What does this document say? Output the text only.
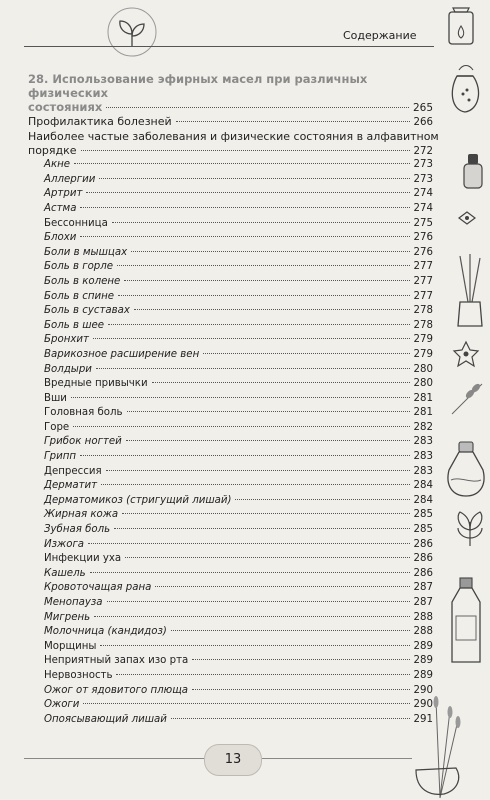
Содержание
28. Использование эфирных масел при различных физических
состояниях	265
Профилактика болезней	266
Наиболее частые заболевания и физические состояния в алфавитном
порядке	272
Акне	273
Аллергии	273
Артрит	274
Астма	274
Бессонница	275
Блохи	276
Боли в мышцах	276
Боль в горле	277
Боль в колене	277
Боль в спине	277
Боль в суставах	278
Боль в шее	278
Бронхит	279
Варикозное расширение вен	279
Волдыри	280
Вредные привычки	280
Вши	281
Головная боль	281
Горе	282
Грибок ногтей	283
Грипп	283
Депрессия	283
Дерматит	284
Дерматомикоз (стригущий лишай)	284
Жирная кожа	285
Зубная боль	285
Изжога	286
Инфекции уха	286
Кашель	286
Кровоточащая рана	287
Менопауза	287
Мигрень	288
Молочница (кандидоз)	288
Морщины	289
Неприятный запах изо рта	289
Нервозность	289
Ожог от ядовитого плюща	290
Ожоги	290
Опоясывающий лишай	291
13
